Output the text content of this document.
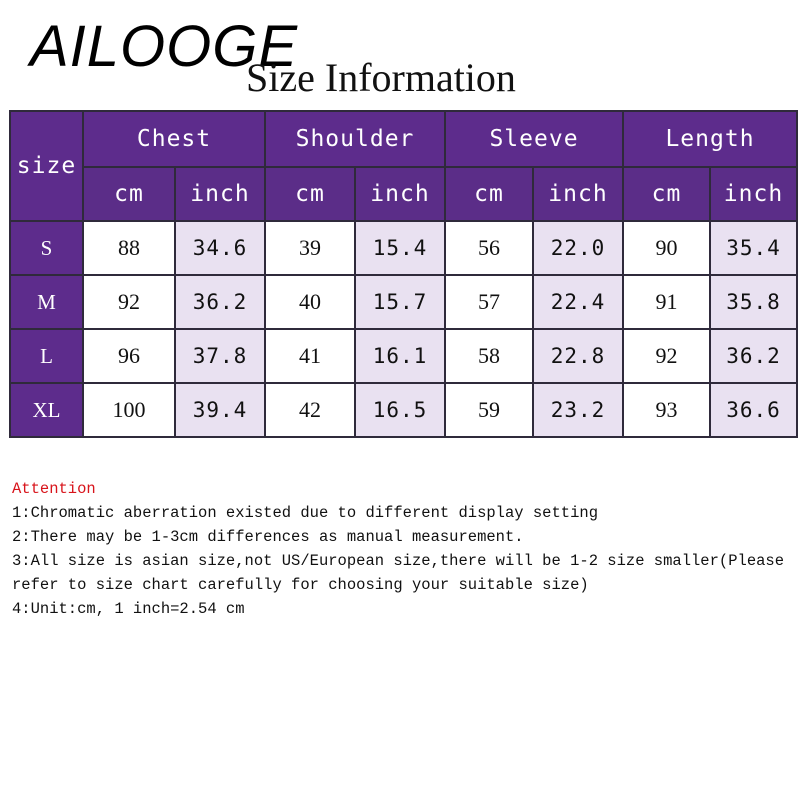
AILOOGE
Size Information
size	Chest		Shoulder		Sleeve		Length	
	cm	inch	cm	inch	cm	inch	cm	inch
S	88	34.6	39	15.4	56	22.0	90	35.4
M	92	36.2	40	15.7	57	22.4	91	35.8
L	96	37.8	41	16.1	58	22.8	92	36.2
XL	100	39.4	42	16.5	59	23.2	93	36.6
Attention
1:Chromatic aberration existed due to different display setting
2:There may be 1-3cm differences as manual measurement.
3:All size is asian size,not US/European size,there will be 1-2 size smaller(Please refer to size chart carefully for choosing your suitable size)
4:Unit:cm, 1 inch=2.54 cm
